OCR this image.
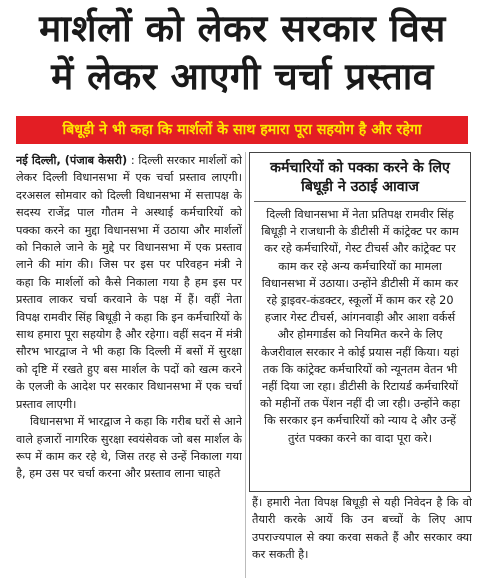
मार्शलों को लेकर सरकार विस
में लेकर आएगी चर्चा प्रस्ताव
बिधूड़ी ने भी कहा कि मार्शलों के साथ हमारा पूरा सहयोग है और रहेगा

नई दिल्ली, (पंजाब केसरी) : दिल्ली सरकार मार्शलों को लेकर दिल्ली विधानसभा में एक चर्चा प्रस्ताव लाएगी। दरअसल सोमवार को दिल्ली विधानसभा में सत्तापक्ष के सदस्य राजेंद्र पाल गौतम ने अस्थाई कर्मचारियों को पक्का करने का मुद्दा विधानसभा में उठाया और मार्शलों को निकाले जाने के मुद्दे पर विधानसभा में एक प्रस्ताव लाने की मांग की। जिस पर इस पर परिवहन मंत्री ने कहा कि मार्शलों को कैसे निकाला गया है हम इस पर प्रस्ताव लाकर चर्चा करवाने के पक्ष में हैं। वहीं नेता विपक्ष रामवीर सिंह बिधूड़ी ने कहा कि इन कर्मचारियों के साथ हमारा पूरा सहयोग है और रहेगा। वहीं सदन में मंत्री सौरभ भारद्वाज ने भी कहा कि दिल्ली में बसों में सुरक्षा को दृष्टि में रखते हुए बस मार्शल के पदों को खत्म करने के एलजी के आदेश पर सरकार विधानसभा में एक चर्चा प्रस्ताव लाएगी।

विधानसभा में भारद्वाज ने कहा कि गरीब घरों से आने वाले हजारों नागरिक सुरक्षा स्वयंसेवक जो बस मार्शल के रूप में काम कर रहे थे, जिस तरह से उन्हें निकाला गया है, हम उस पर चर्चा करना और प्रस्ताव लाना चाहते

कर्मचारियों को पक्का करने के लिए बिधूड़ी ने उठाई आवाज
दिल्ली विधानसभा में नेता प्रतिपक्ष रामवीर सिंह बिधूड़ी ने राजधानी के डीटीसी में कांट्रेक्ट पर काम कर रहे कर्मचारियों, गेस्ट टीचर्स और कांट्रेक्ट पर काम कर रहे अन्य कर्मचारियों का मामला विधानसभा में उठाया। उन्होंने डीटीसी में काम कर रहे ड्राइवर-कंडक्टर, स्कूलों में काम कर रहे 20 हजार गेस्ट टीचर्स, आंगनवाड़ी और आशा वर्कर्स और होमगार्डस को नियमित करने के लिए केजरीवाल सरकार ने कोई प्रयास नहीं किया। यहां तक कि कांट्रेक्ट कर्मचारियों को न्यूनतम वेतन भी नहीं दिया जा रहा। डीटीसी के रिटायर्ड कर्मचारियों को महीनों तक पेंशन नहीं दी जा रही। उन्होंने कहा कि सरकार इन कर्मचारियों को न्याय दे और उन्हें तुरंत पक्का करने का वादा पूरा करे।

हैं। हमारी नेता विपक्ष बिधूड़ी से यही निवेदन है कि वो तैयारी करके आयें कि उन बच्चों के लिए आप उपराज्यपाल से क्या करवा सकते हैं और सरकार क्या कर सकती है।
